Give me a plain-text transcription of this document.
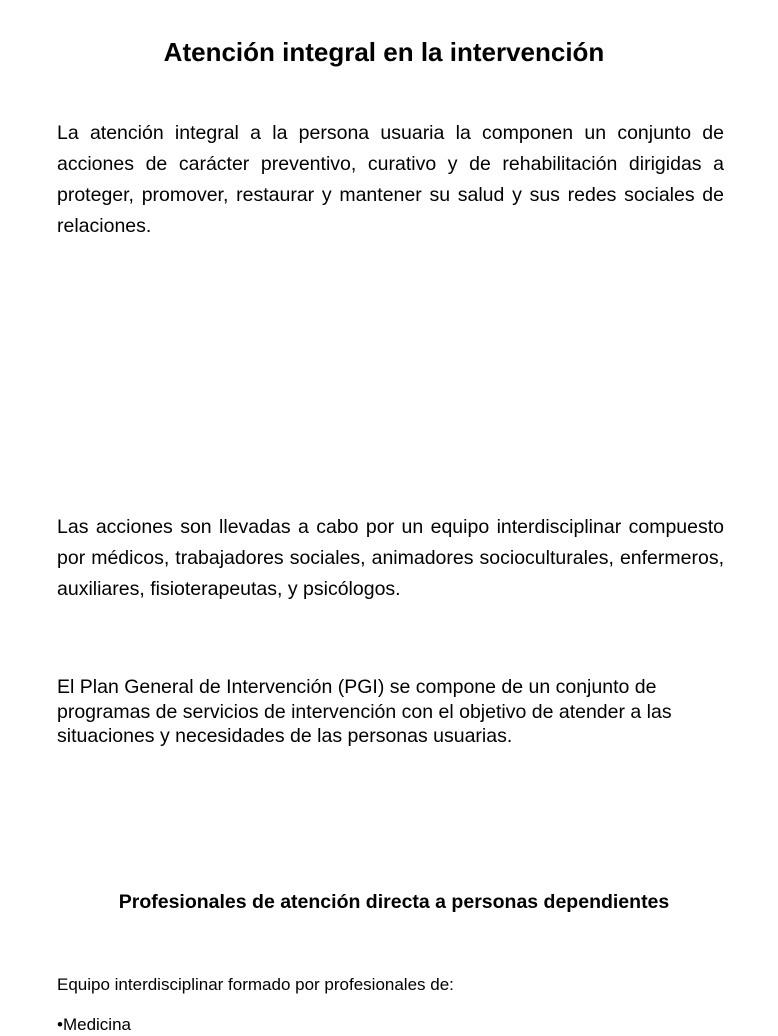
Atención integral en la intervención

La atención integral a la persona usuaria la componen un conjunto de acciones de carácter preventivo, curativo y de rehabilitación dirigidas a proteger, promover, restaurar y mantener su salud y sus redes sociales de relaciones.

Las acciones son llevadas a cabo por un equipo interdisciplinar compuesto por médicos, trabajadores sociales, animadores socioculturales, enfermeros, auxiliares, fisioterapeutas, y psicólogos.

El Plan General de Intervención (PGI) se compone de un conjunto de programas de servicios de intervención con el objetivo de atender a las situaciones y necesidades de las personas usuarias.

Profesionales de atención directa a personas dependientes

Equipo interdisciplinar formado por profesionales de:

•Medicina
